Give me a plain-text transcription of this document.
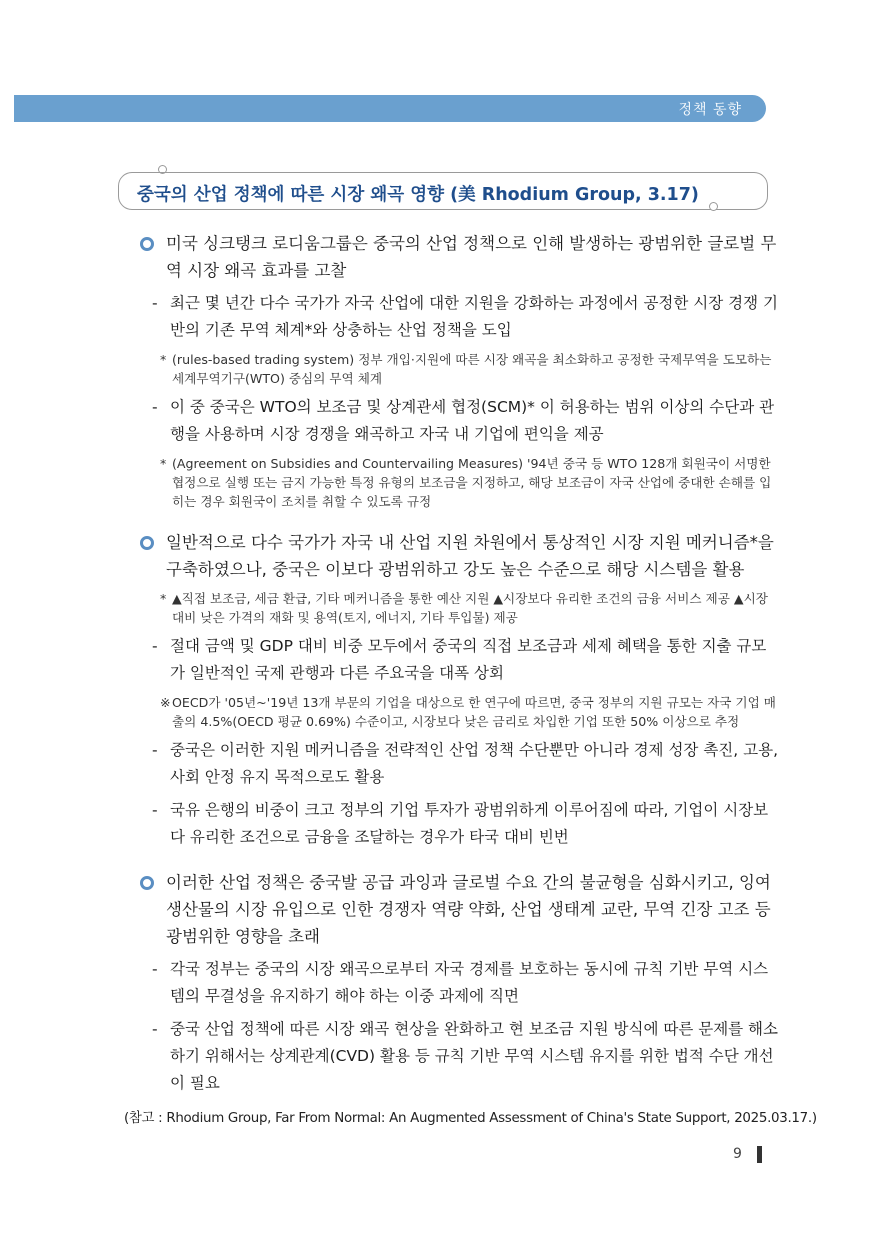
정책 동향
중국의 산업 정책에 따른 시장 왜곡 영향 (美 Rhodium Group, 3.17)
미국 싱크탱크 로디움그룹은 중국의 산업 정책으로 인해 발생하는 광범위한 글로벌 무역 시장 왜곡 효과를 고찰
- 최근 몇 년간 다수 국가가 자국 산업에 대한 지원을 강화하는 과정에서 공정한 시장 경쟁 기반의 기존 무역 체계*와 상충하는 산업 정책을 도입
* (rules-based trading system) 정부 개입·지원에 따른 시장 왜곡을 최소화하고 공정한 국제무역을 도모하는 세계무역기구(WTO) 중심의 무역 체계
- 이 중 중국은 WTO의 보조금 및 상계관세 협정(SCM)* 이 허용하는 범위 이상의 수단과 관행을 사용하며 시장 경쟁을 왜곡하고 자국 내 기업에 편익을 제공
* (Agreement on Subsidies and Countervailing Measures) '94년 중국 등 WTO 128개 회원국이 서명한 협정으로 실행 또는 금지 가능한 특정 유형의 보조금을 지정하고, 해당 보조금이 자국 산업에 중대한 손해를 입히는 경우 회원국이 조치를 취할 수 있도록 규정
일반적으로 다수 국가가 자국 내 산업 지원 차원에서 통상적인 시장 지원 메커니즘*을 구축하였으나, 중국은 이보다 광범위하고 강도 높은 수준으로 해당 시스템을 활용
* ▲직접 보조금, 세금 환급, 기타 메커니즘을 통한 예산 지원 ▲시장보다 유리한 조건의 금융 서비스 제공 ▲시장 대비 낮은 가격의 재화 및 용역(토지, 에너지, 기타 투입물) 제공
- 절대 금액 및 GDP 대비 비중 모두에서 중국의 직접 보조금과 세제 혜택을 통한 지출 규모가 일반적인 국제 관행과 다른 주요국을 대폭 상회
※ OECD가 '05년~'19년 13개 부문의 기업을 대상으로 한 연구에 따르면, 중국 정부의 지원 규모는 자국 기업 매출의 4.5%(OECD 평균 0.69%) 수준이고, 시장보다 낮은 금리로 차입한 기업 또한 50% 이상으로 추정
- 중국은 이러한 지원 메커니즘을 전략적인 산업 정책 수단뿐만 아니라 경제 성장 촉진, 고용, 사회 안정 유지 목적으로도 활용
- 국유 은행의 비중이 크고 정부의 기업 투자가 광범위하게 이루어짐에 따라, 기업이 시장보다 유리한 조건으로 금융을 조달하는 경우가 타국 대비 빈번
이러한 산업 정책은 중국발 공급 과잉과 글로벌 수요 간의 불균형을 심화시키고, 잉여 생산물의 시장 유입으로 인한 경쟁자 역량 약화, 산업 생태계 교란, 무역 긴장 고조 등 광범위한 영향을 초래
- 각국 정부는 중국의 시장 왜곡으로부터 자국 경제를 보호하는 동시에 규칙 기반 무역 시스템의 무결성을 유지하기 해야 하는 이중 과제에 직면
- 중국 산업 정책에 따른 시장 왜곡 현상을 완화하고 현 보조금 지원 방식에 따른 문제를 해소하기 위해서는 상계관계(CVD) 활용 등 규칙 기반 무역 시스템 유지를 위한 법적 수단 개선이 필요
(참고 : Rhodium Group, Far From Normal: An Augmented Assessment of China's State Support, 2025.03.17.)
9
